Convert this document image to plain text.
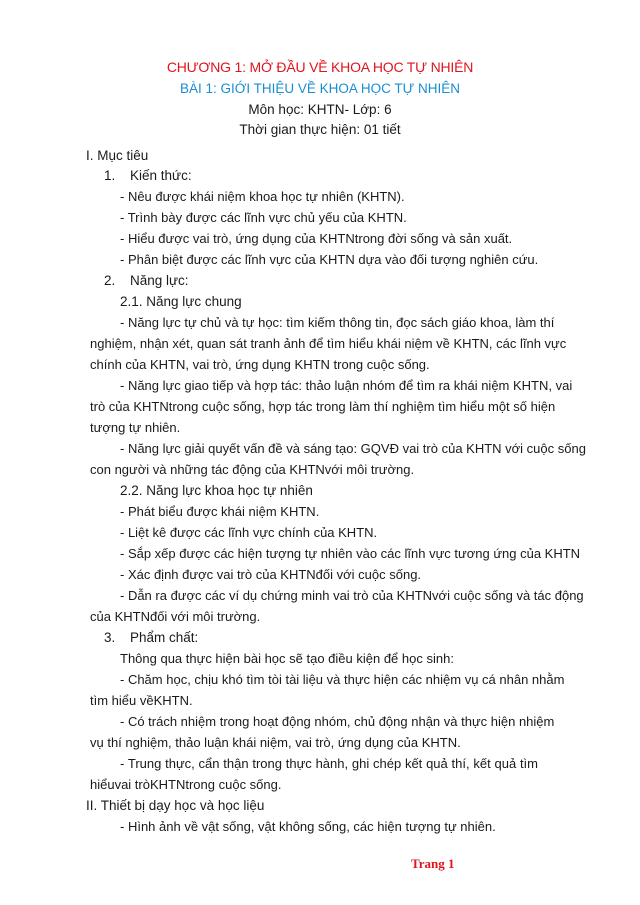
CHƯƠNG 1: MỞ ĐẦU VỀ KHOA HỌC TỰ NHIÊN
BÀI 1: GIỚI THIỆU VỀ KHOA HỌC TỰ NHIÊN
Môn học: KHTN- Lớp: 6
Thời gian thực hiện: 01 tiết
I. Mục tiêu
1. Kiến thức:
- Nêu được khái niệm khoa học tự nhiên (KHTN).
- Trình bày được các lĩnh vực chủ yếu của KHTN.
- Hiểu được vai trò, ứng dụng của KHTNtrong đời sống và sản xuất.
- Phân biệt được các lĩnh vực của KHTN dựa vào đối tượng nghiên cứu.
2. Năng lực:
2.1. Năng lực chung
- Năng lực tự chủ và tự học: tìm kiếm thông tin, đọc sách giáo khoa, làm thí
nghiệm, nhận xét, quan sát tranh ảnh để tìm hiểu khái niệm về KHTN, các lĩnh vực
chính của KHTN, vai trò, ứng dụng KHTN trong cuộc sống.
- Năng lực giao tiếp và hợp tác: thảo luận nhóm để tìm ra khái niệm KHTN, vai
trò của KHTNtrong cuộc sống, hợp tác trong làm thí nghiệm tìm hiểu một số hiện
tượng tự nhiên.
- Năng lực giải quyết vấn đề và sáng tạo: GQVĐ vai trò của KHTN với cuộc sống
con người và những tác động của KHTNvới môi trường.
2.2. Năng lực khoa học tự nhiên
- Phát biểu được khái niệm KHTN.
- Liệt kê được các lĩnh vực chính của KHTN.
- Sắp xếp được các hiện tượng tự nhiên vào các lĩnh vực tương ứng của KHTN
- Xác định được vai trò của KHTNđối với cuộc sống.
- Dẫn ra được các ví dụ chứng minh vai trò của KHTNvới cuộc sống và tác động
của KHTNđối với môi trường.
3. Phẩm chất:
Thông qua thực hiện bài học sẽ tạo điều kiện để học sinh:
- Chăm học, chịu khó tìm tòi tài liệu và thực hiện các nhiệm vụ cá nhân nhằm
tìm hiểu vềKHTN.
- Có trách nhiệm trong hoạt động nhóm, chủ động nhận và thực hiện nhiệm
vụ thí nghiệm, thảo luận khái niệm, vai trò, ứng dụng của KHTN.
- Trung thực, cẩn thận trong thực hành, ghi chép kết quả thí, kết quả tìm
hiểuvai tròKHTNtrong cuộc sống.
II. Thiết bị dạy học và học liệu
- Hình ảnh về vật sống, vật không sống, các hiện tượng tự nhiên.
Trang 1
